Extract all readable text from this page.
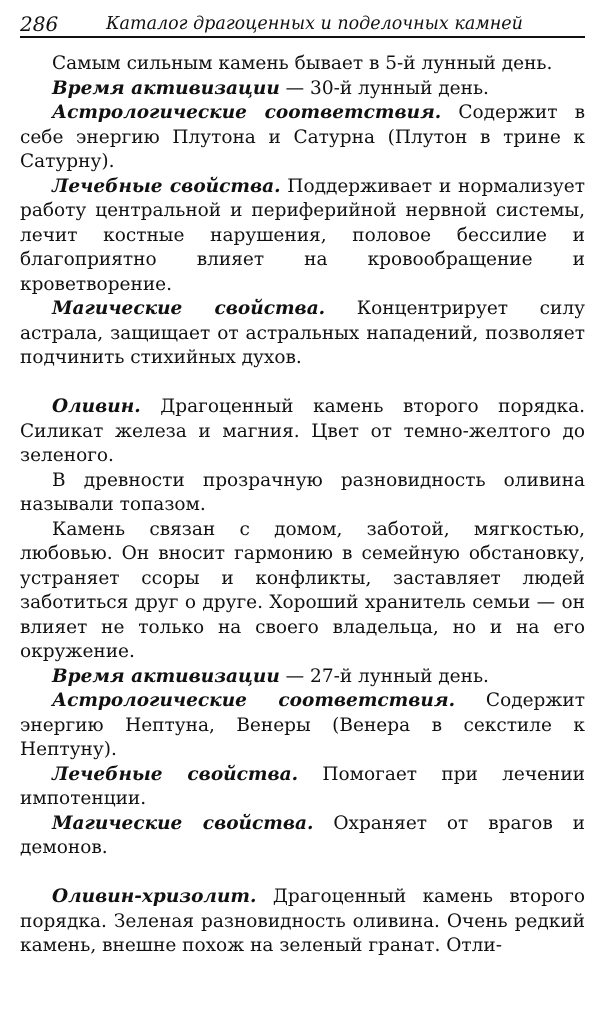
286	Каталог драгоценных и поделочных камней

Самым сильным камень бывает в 5-й лунный день.

Время активизации — 30-й лунный день.

Астрологические соответствия. Содержит в себе энергию Плутона и Сатурна (Плутон в трине к Сатурну).

Лечебные свойства. Поддерживает и нормализует работу центральной и периферийной нервной системы, лечит костные нарушения, половое бессилие и благоприятно влияет на кровообращение и кроветворение.

Магические свойства. Концентрирует силу астрала, защищает от астральных нападений, позволяет подчинить стихийных духов.

Оливин. Драгоценный камень второго порядка. Силикат железа и магния. Цвет от темно-желтого до зеленого.

В древности прозрачную разновидность оливина называли топазом.

Камень связан с домом, заботой, мягкостью, любовью. Он вносит гармонию в семейную обстановку, устраняет ссоры и конфликты, заставляет людей заботиться друг о друге. Хороший хранитель семьи — он влияет не только на своего владельца, но и на его окружение.

Время активизации — 27-й лунный день.

Астрологические соответствия. Содержит энергию Нептуна, Венеры (Венера в секстиле к Нептуну).

Лечебные свойства. Помогает при лечении импотенции.

Магические свойства. Охраняет от врагов и демонов.

Оливин-хризолит. Драгоценный камень второго порядка. Зеленая разновидность оливина. Очень редкий камень, внешне похож на зеленый гранат. Отли-
